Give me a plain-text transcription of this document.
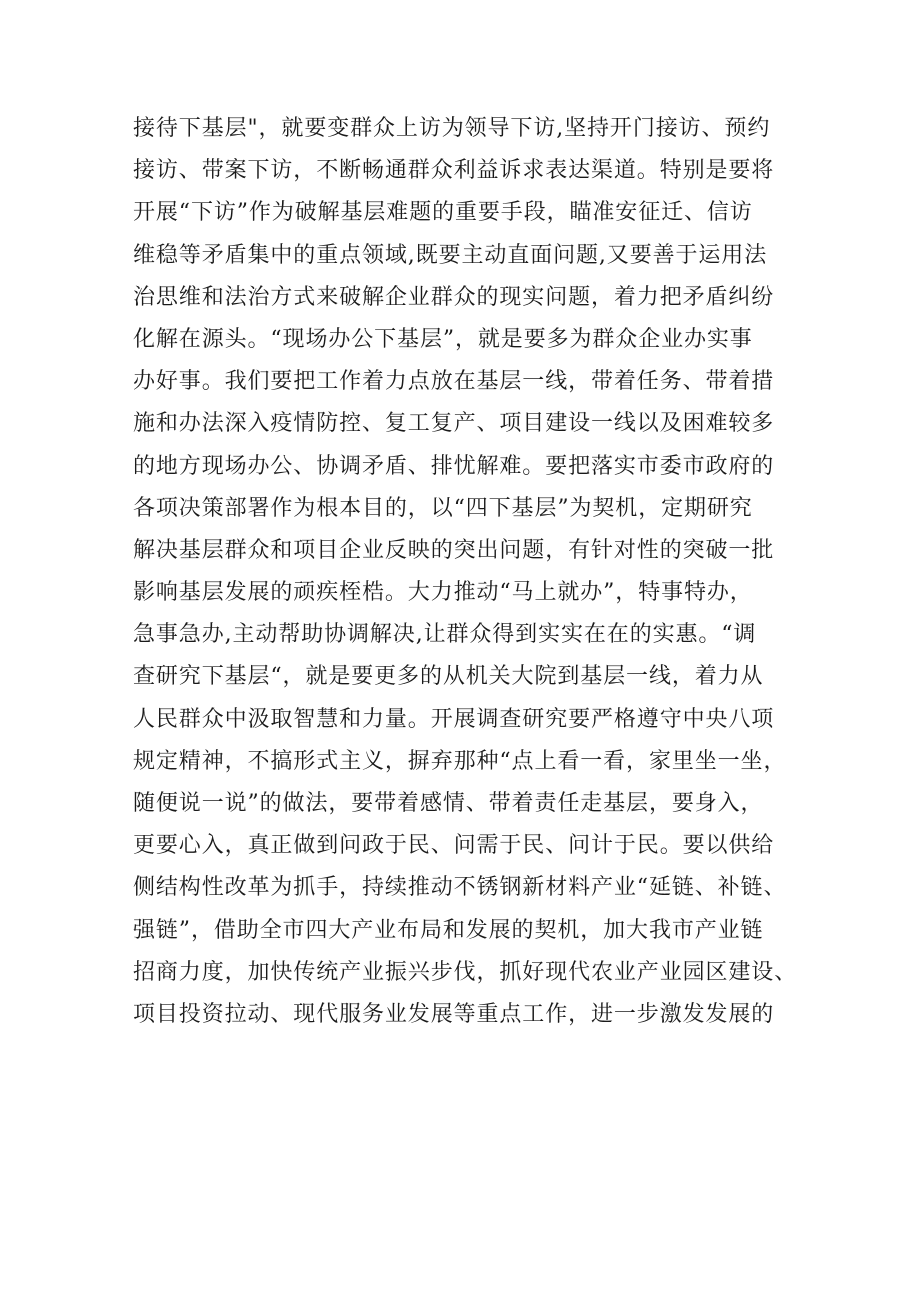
接待下基层"，就要变群众上访为领导下访,坚持开门接访、预约
接访、带案下访，不断畅通群众利益诉求表达渠道。特别是要将
开展“下访”作为破解基层难题的重要手段，瞄准安征迁、信访
维稳等矛盾集中的重点领域,既要主动直面问题,又要善于运用法
治思维和法治方式来破解企业群众的现实问题，着力把矛盾纠纷
化解在源头。“现场办公下基层”，就是要多为群众企业办实事
办好事。我们要把工作着力点放在基层一线，带着任务、带着措
施和办法深入疫情防控、复工复产、项目建设一线以及困难较多
的地方现场办公、协调矛盾、排忧解难。要把落实市委市政府的
各项决策部署作为根本目的，以“四下基层”为契机，定期研究
解决基层群众和项目企业反映的突出问题，有针对性的突破一批
影响基层发展的顽疾桎梏。大力推动“马上就办”，特事特办，
急事急办,主动帮助协调解决,让群众得到实实在在的实惠。“调
查研究下基层“，就是要更多的从机关大院到基层一线，着力从
人民群众中汲取智慧和力量。开展调查研究要严格遵守中央八项
规定精神，不搞形式主义，摒弃那种“点上看一看，家里坐一坐，
随便说一说”的做法，要带着感情、带着责任走基层，要身入，
更要心入，真正做到问政于民、问需于民、问计于民。要以供给
侧结构性改革为抓手，持续推动不锈钢新材料产业“延链、补链、
强链”，借助全市四大产业布局和发展的契机，加大我市产业链
招商力度，加快传统产业振兴步伐，抓好现代农业产业园区建设、
项目投资拉动、现代服务业发展等重点工作，进一步激发发展的
